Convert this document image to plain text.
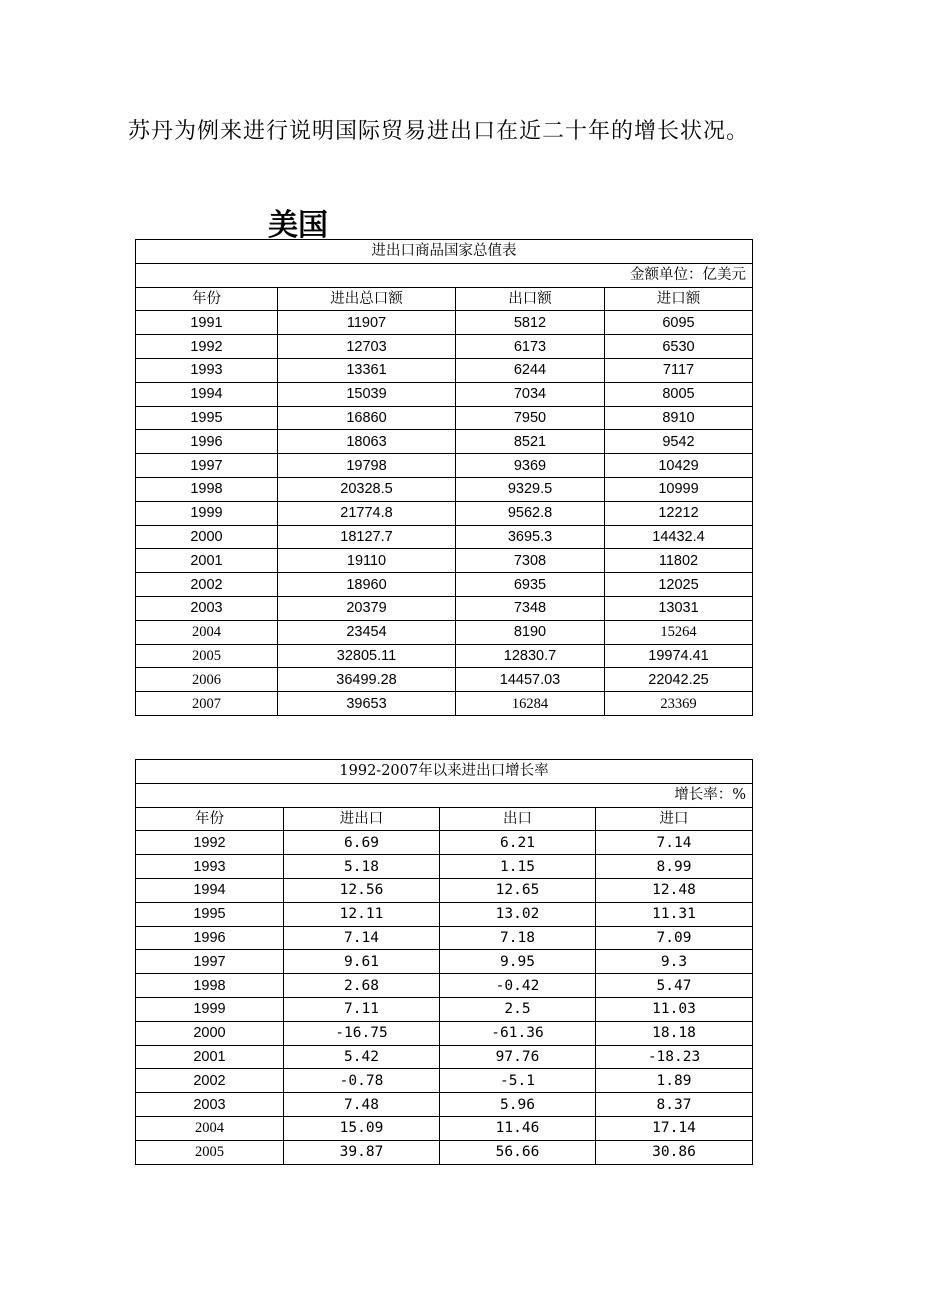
苏丹为例来进行说明国际贸易进出口在近二十年的增长状况。
美国
进出口商品国家总值表			
金额单位：亿美元			
年份	进出总口额	出口额	进口额
1991	11907	5812	6095
1992	12703	6173	6530
1993	13361	6244	7117
1994	15039	7034	8005
1995	16860	7950	8910
1996	18063	8521	9542
1997	19798	9369	10429
1998	20328.5	9329.5	10999
1999	21774.8	9562.8	12212
2000	18127.7	3695.3	14432.4
2001	19110	7308	11802
2002	18960	6935	12025
2003	20379	7348	13031
2004	23454	8190	15264
2005	32805.11	12830.7	19974.41
2006	36499.28	14457.03	22042.25
2007	39653	16284	23369
1992-2007年以来进出口增长率			
增长率：%			
年份	进出口	出口	进口
1992	6.69	6.21	7.14
1993	5.18	1.15	8.99
1994	12.56	12.65	12.48
1995	12.11	13.02	11.31
1996	7.14	7.18	7.09
1997	9.61	9.95	9.3
1998	2.68	-0.42	5.47
1999	7.11	2.5	11.03
2000	-16.75	-61.36	18.18
2001	5.42	97.76	-18.23
2002	-0.78	-5.1	1.89
2003	7.48	5.96	8.37
2004	15.09	11.46	17.14
2005	39.87	56.66	30.86
